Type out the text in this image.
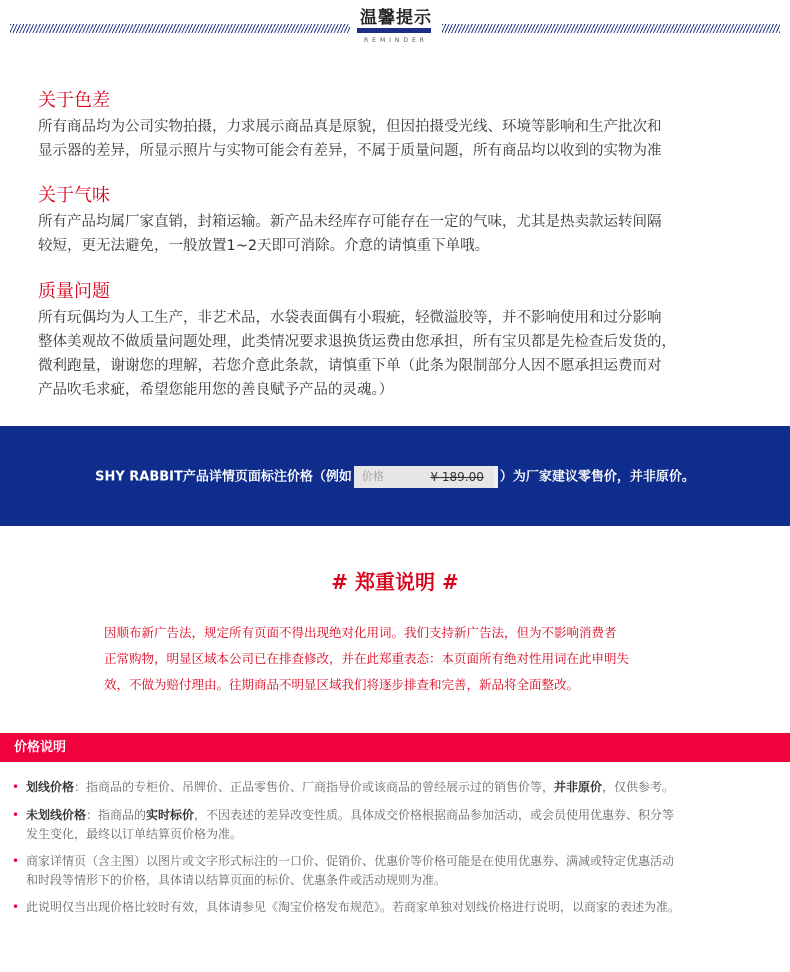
温馨提示
REMINDER
关于色差
所有商品均为公司实物拍摄，力求展示商品真是原貌，但因拍摄受光线、环境等影响和生产批次和
显示器的差异，所显示照片与实物可能会有差异，不属于质量问题，所有商品均以收到的实物为准
关于气味
所有产品均属厂家直销，封箱运输。新产品未经库存可能存在一定的气味，尤其是热卖款运转间隔
较短，更无法避免，一般放置1~2天即可消除。介意的请慎重下单哦。
质量问题
所有玩偶均为人工生产，非艺术品，水袋表面偶有小瑕疵，轻微溢胶等，并不影响使用和过分影响
整体美观故不做质量问题处理，此类情况要求退换货运费由您承担，所有宝贝都是先检查后发货的，
微利跑量，谢谢您的理解，若您介意此条款，请慎重下单（此条为限制部分人因不愿承担运费而对
产品吹毛求疵，希望您能用您的善良赋予产品的灵魂。）
SHY RABBIT产品详情页面标注价格（例如 价格	¥ 189.00 ）为厂家建议零售价，并非原价。
# 郑重说明 #
因顺布新广告法，规定所有页面不得出现绝对化用词。我们支持新广告法，但为不影响消费者
正常购物，明显区域本公司已在排查修改，并在此郑重表态：本页面所有绝对性用词在此申明失
效，不做为赔付理由。往期商品不明显区域我们将逐步排查和完善，新品将全面整改。
价格说明
• 划线价格：指商品的专柜价、吊牌价、正品零售价、厂商指导价或该商品的曾经展示过的销售价等，并非原价，仅供参考。
• 未划线价格：指商品的实时标价，不因表述的差异改变性质。具体成交价格根据商品参加活动，或会员使用优惠券、积分等
发生变化，最终以订单结算页价格为准。
• 商家详情页（含主图）以图片或文字形式标注的一口价、促销价、优惠价等价格可能是在使用优惠券、满减或特定优惠活动
和时段等情形下的价格，具体请以结算页面的标价、优惠条件或活动规则为准。
• 此说明仅当出现价格比较时有效，具体请参见《淘宝价格发布规范》。若商家单独对划线价格进行说明，以商家的表述为准。
